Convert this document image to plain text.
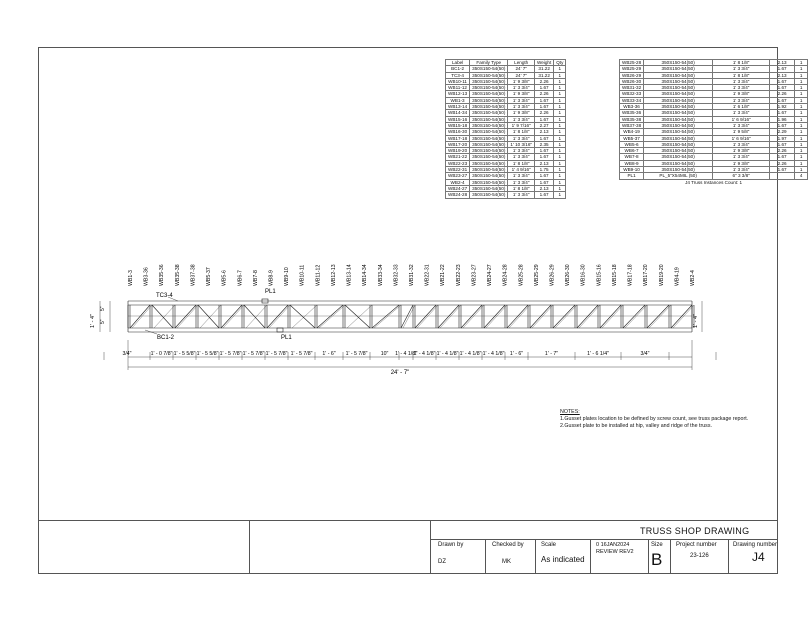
Label	Family Type	Length	Weight	Qty
BC1-2	350S150-54(50)	24' 7"	31.22	1
TC3-4	350S150-54(50)	24' 7"	31.22	1
WB10-11	350S150-54(50)	1' 9 3/8"	2.26	1
WB11-12	350S150-54(50)	1' 3 3/4"	1.67	1
WB12-13	350S150-54(50)	1' 9 3/8"	2.26	1
WB1-3	350S150-54(50)	1' 3 3/4"	1.67	1
WB13-14	350S150-54(50)	1' 3 3/4"	1.67	1
WB14-34	350S150-54(50)	1' 9 3/8"	2.26	1
WB15-16	350S150-54(50)	1' 3 3/4"	1.67	1
WB15-18	350S150-54(50)	1' 9 7/16"	2.27	1
WB16-30	350S150-54(50)	1' 8 1/8"	2.13	1
WB17-18	350S150-54(50)	1' 3 3/4"	1.67	1
WB17-20	350S150-54(50)	1' 10 3/16"	2.35	1
WB19-20	350S150-54(50)	1' 3 3/4"	1.67	1
WB21-22	350S150-54(50)	1' 3 3/4"	1.67	1
WB22-23	350S150-54(50)	1' 8 1/8"	2.13	1
WB22-31	350S150-54(50)	1' 4 9/16"	1.75	1
WB23-27	350S150-54(50)	1' 3 3/4"	1.67	1
WB2-4	350S150-54(50)	1' 3 3/4"	1.67	1
WB24-27	350S150-54(50)	1' 8 1/8"	2.13	1
WB24-28	350S150-54(50)	1' 3 3/4"	1.67	1
WB25-28	350S150-54(50)	1' 8 1/8"	2.13	1
WB25-29	350S150-54(50)	1' 3 3/4"	1.67	1
WB26-29	350S150-54(50)	1' 8 1/8"	2.13	1
WB26-30	350S150-54(50)	1' 3 3/4"	1.67	1
WB31-32	350S150-54(50)	1' 3 3/4"	1.67	1
WB32-33	350S150-54(50)	1' 9 3/8"	2.26	1
WB33-34	350S150-54(50)	1' 3 3/4"	1.67	1
WB3-36	350S150-54(50)	1' 6 1/8"	1.92	1
WB35-36	350S150-54(50)	1' 3 3/4"	1.67	1
WB35-38	350S150-54(50)	1' 6 9/16"	1.96	1
WB37-38	350S150-54(50)	1' 3 3/4"	1.67	1
WB4-19	350S150-54(50)	1' 9 5/8"	2.29	1
WB5-37	350S150-54(50)	1' 6 9/16"	1.97	1
WB5-6	350S150-54(50)	1' 3 3/4"	1.67	1
WB6-7	350S150-54(50)	1' 9 3/8"	2.26	1
WB7-8	350S150-54(50)	1' 3 3/4"	1.67	1
WB8-9	350S150-54(50)	1' 9 3/8"	2.26	1
WB9-10	350S150-54(50)	1' 3 3/4"	1.67	1
PL1	PL_5"X54MIL (50)	6" 3 3/8"		4
J4 Truss Instances Count: 1				
WB1-3 WB3-36 WB35-36 WB35-38 WB37-38 WB5-37 WB5-6 WB6-7 WB7-8 WB8-9 WB9-10 WB10-11 WB11-12 WB12-13 WB13-14 WB14-34 WB33-34 WB32-33 WB31-32 WB22-31 WB21-22 WB22-23 WB23-27 WB24-27 WB24-28 WB25-28 WB25-29 WB26-29 WB26-30 WB16-30 WB15-16 WB15-18 WB17-18 WB17-20 WB19-20 WB4-19 WB2-4
3/4"	1' - 0 7/8" 1' - 5 5/8" 1' - 5 5/8" 1' - 5 7/8" 1' - 5 7/8" 1' - 5 7/8" 1' - 5 7/8" 1' - 6" 1' - 5 7/8"	10" 1' - 4 1/8"
1' - 4 1/8" 1' - 4 1/8" 1' - 4 1/8" 1' - 4 1/8" 1' - 6"	1' - 7"	1' - 6 1/4"	3/4"
TC3-4
BC1-2
PL1
PL1
1' - 4"
5"
5"	1' - 4"
24' - 7"
NOTES:
1.Gusset plates location to be defined by screw count, see truss package report.
2.Gusset plate to be installed at hip, valley and ridge of the truss.
TRUSS SHOP DRAWING
Drawn by
DZ
Checked by
MK
Scale
As indicated
0 16JAN2024
REVIEW REV2
Size
B
Project number
23-126
Drawing number
J4
